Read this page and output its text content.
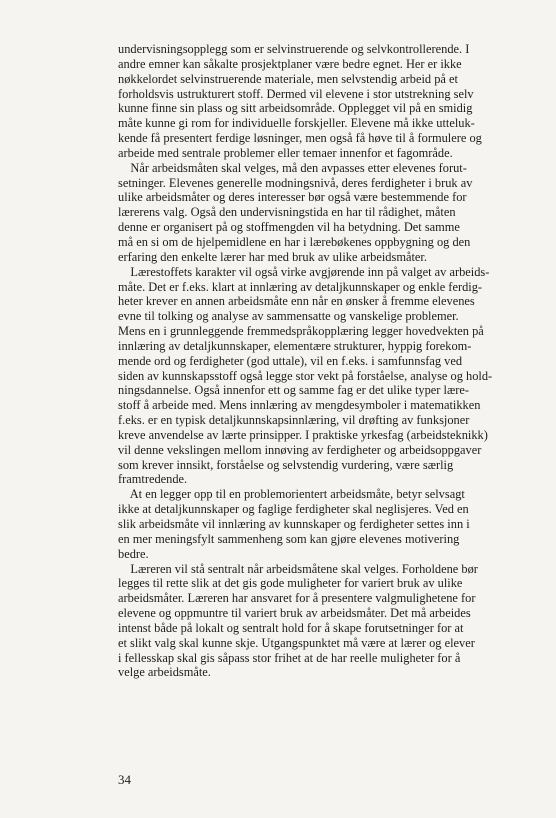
undervisningsopplegg som er selvinstruerende og selvkontrollerende. I
andre emner kan såkalte prosjektplaner være bedre egnet. Her er ikke
nøkkelordet selvinstruerende materiale, men selvstendig arbeid på et
forholdsvis ustrukturert stoff. Dermed vil elevene i stor utstrekning selv
kunne finne sin plass og sitt arbeidsområde. Opplegget vil på en smidig
måte kunne gi rom for individuelle forskjeller. Elevene må ikke utteluk-
kende få presentert ferdige løsninger, men også få høve til å formulere og
arbeide med sentrale problemer eller temaer innenfor et fagområde.
Når arbeidsmåten skal velges, må den avpasses etter elevenes forut-
setninger. Elevenes generelle modningsnivå, deres ferdigheter i bruk av
ulike arbeidsmåter og deres interesser bør også være bestemmende for
lærerens valg. Også den undervisningstida en har til rådighet, måten
denne er organisert på og stoffmengden vil ha betydning. Det samme
må en si om de hjelpemidlene en har i lærebøkenes oppbygning og den
erfaring den enkelte lærer har med bruk av ulike arbeidsmåter.
Lærestoffets karakter vil også virke avgjørende inn på valget av arbeids-
måte. Det er f.eks. klart at innlæring av detaljkunnskaper og enkle ferdig-
heter krever en annen arbeidsmåte enn når en ønsker å fremme elevenes
evne til tolking og analyse av sammensatte og vanskelige problemer.
Mens en i grunnleggende fremmedspråkopplæring legger hovedvekten på
innlæring av detaljkunnskaper, elementære strukturer, hyppig forekom-
mende ord og ferdigheter (god uttale), vil en f.eks. i samfunnsfag ved
siden av kunnskapsstoff også legge stor vekt på forståelse, analyse og hold-
ningsdannelse. Også innenfor ett og samme fag er det ulike typer lære-
stoff å arbeide med. Mens innlæring av mengdesymboler i matematikken
f.eks. er en typisk detaljkunnskapsinnlæring, vil drøfting av funksjoner
kreve anvendelse av lærte prinsipper. I praktiske yrkesfag (arbeidsteknikk)
vil denne vekslingen mellom innøving av ferdigheter og arbeidsoppgaver
som krever innsikt, forståelse og selvstendig vurdering, være særlig
framtredende.
At en legger opp til en problemorientert arbeidsmåte, betyr selvsagt
ikke at detaljkunnskaper og faglige ferdigheter skal neglisjeres. Ved en
slik arbeidsmåte vil innlæring av kunnskaper og ferdigheter settes inn i
en mer meningsfylt sammenheng som kan gjøre elevenes motivering
bedre.
Læreren vil stå sentralt når arbeidsmåtene skal velges. Forholdene bør
legges til rette slik at det gis gode muligheter for variert bruk av ulike
arbeidsmåter. Læreren har ansvaret for å presentere valgmulighetene for
elevene og oppmuntre til variert bruk av arbeidsmåter. Det må arbeides
intenst både på lokalt og sentralt hold for å skape forutsetninger for at
et slikt valg skal kunne skje. Utgangspunktet må være at lærer og elever
i fellesskap skal gis såpass stor frihet at de har reelle muligheter for å
velge arbeidsmåte.
34
